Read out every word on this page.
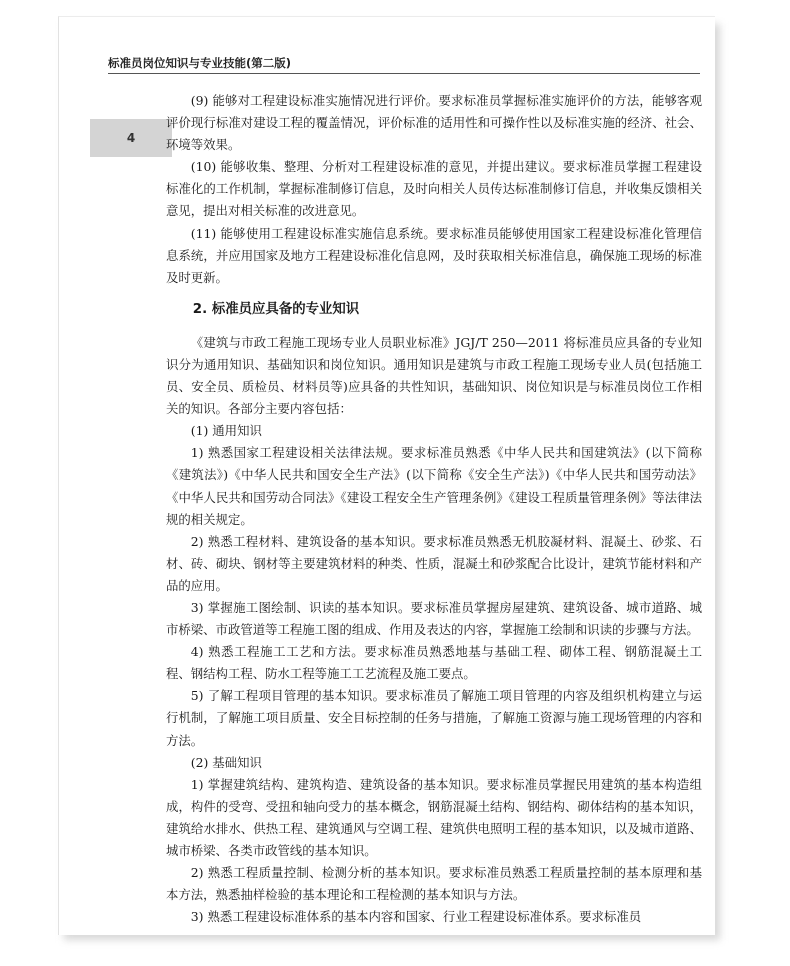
标准员岗位知识与专业技能(第二版)
4

(9) 能够对工程建设标准实施情况进行评价。要求标准员掌握标准实施评价的方法，能够客观评价现行标准对建设工程的覆盖情况，评价标准的适用性和可操作性以及标准实施的经济、社会、环境等效果。

(10) 能够收集、整理、分析对工程建设标准的意见，并提出建议。要求标准员掌握工程建设标准化的工作机制，掌握标准制修订信息，及时向相关人员传达标准制修订信息，并收集反馈相关意见，提出对相关标准的改进意见。

(11) 能够使用工程建设标准实施信息系统。要求标准员能够使用国家工程建设标准化管理信息系统，并应用国家及地方工程建设标准化信息网，及时获取相关标准信息，确保施工现场的标准及时更新。

2. 标准员应具备的专业知识

《建筑与市政工程施工现场专业人员职业标准》JGJ/T 250—2011 将标准员应具备的专业知识分为通用知识、基础知识和岗位知识。通用知识是建筑与市政工程施工现场专业人员(包括施工员、安全员、质检员、材料员等)应具备的共性知识，基础知识、岗位知识是与标准员岗位工作相关的知识。各部分主要内容包括：

(1) 通用知识

1) 熟悉国家工程建设相关法律法规。要求标准员熟悉《中华人民共和国建筑法》(以下简称《建筑法》)《中华人民共和国安全生产法》(以下简称《安全生产法》)《中华人民共和国劳动法》《中华人民共和国劳动合同法》《建设工程安全生产管理条例》《建设工程质量管理条例》等法律法规的相关规定。

2) 熟悉工程材料、建筑设备的基本知识。要求标准员熟悉无机胶凝材料、混凝土、砂浆、石材、砖、砌块、钢材等主要建筑材料的种类、性质，混凝土和砂浆配合比设计，建筑节能材料和产品的应用。

3) 掌握施工图绘制、识读的基本知识。要求标准员掌握房屋建筑、建筑设备、城市道路、城市桥梁、市政管道等工程施工图的组成、作用及表达的内容，掌握施工绘制和识读的步骤与方法。

4) 熟悉工程施工工艺和方法。要求标准员熟悉地基与基础工程、砌体工程、钢筋混凝土工程、钢结构工程、防水工程等施工工艺流程及施工要点。

5) 了解工程项目管理的基本知识。要求标准员了解施工项目管理的内容及组织机构建立与运行机制，了解施工项目质量、安全目标控制的任务与措施，了解施工资源与施工现场管理的内容和方法。

(2) 基础知识

1) 掌握建筑结构、建筑构造、建筑设备的基本知识。要求标准员掌握民用建筑的基本构造组成，构件的受弯、受扭和轴向受力的基本概念，钢筋混凝土结构、钢结构、砌体结构的基本知识，建筑给水排水、供热工程、建筑通风与空调工程、建筑供电照明工程的基本知识，以及城市道路、城市桥梁、各类市政管线的基本知识。

2) 熟悉工程质量控制、检测分析的基本知识。要求标准员熟悉工程质量控制的基本原理和基本方法，熟悉抽样检验的基本理论和工程检测的基本知识与方法。

3) 熟悉工程建设标准体系的基本内容和国家、行业工程建设标准体系。要求标准员
